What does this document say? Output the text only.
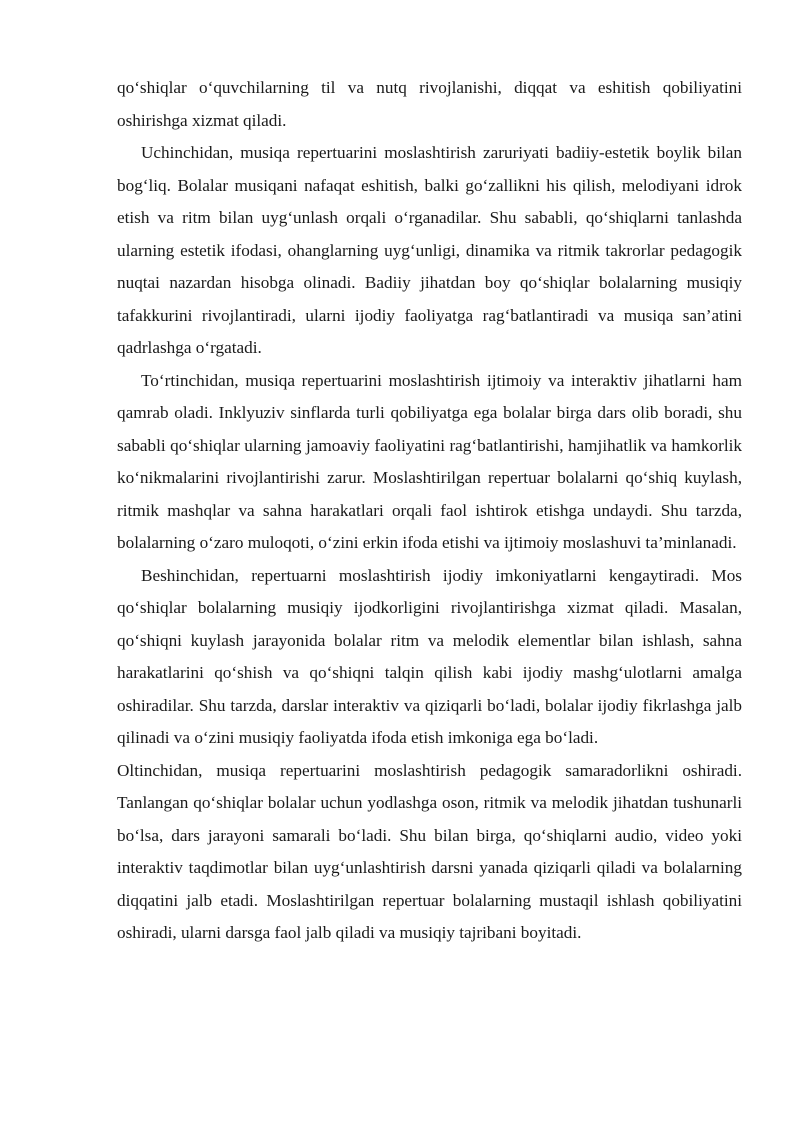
qo‘shiqlar o‘quvchilarning til va nutq rivojlanishi, diqqat va eshitish qobiliyatini oshirishga xizmat qiladi.

Uchinchidan, musiqa repertuarini moslashtirish zaruriyati badiiy-estetik boylik bilan bog‘liq. Bolalar musiqani nafaqat eshitish, balki go‘zallikni his qilish, melodiyani idrok etish va ritm bilan uyg‘unlash orqali o‘rganadilar. Shu sababli, qo‘shiqlarni tanlashda ularning estetik ifodasi, ohanglarning uyg‘unligi, dinamika va ritmik takrorlar pedagogik nuqtai nazardan hisobga olinadi. Badiiy jihatdan boy qo‘shiqlar bolalarning musiqiy tafakkurini rivojlantiradi, ularni ijodiy faoliyatga rag‘batlantiradi va musiqa san’atini qadrlashga o‘rgatadi.

To‘rtinchidan, musiqa repertuarini moslashtirish ijtimoiy va interaktiv jihatlarni ham qamrab oladi. Inklyuziv sinflarda turli qobiliyatga ega bolalar birga dars olib boradi, shu sababli qo‘shiqlar ularning jamoaviy faoliyatini rag‘batlantirishi, hamjihatlik va hamkorlik ko‘nikmalarini rivojlantirishi zarur. Moslashtirilgan repertuar bolalarni qo‘shiq kuylash, ritmik mashqlar va sahna harakatlari orqali faol ishtirok etishga undaydi. Shu tarzda, bolalarning o‘zaro muloqoti, o‘zini erkin ifoda etishi va ijtimoiy moslashuvi ta’minlanadi.

Beshinchidan, repertuarni moslashtirish ijodiy imkoniyatlarni kengaytiradi. Mos qo‘shiqlar bolalarning musiqiy ijodkorligini rivojlantirishga xizmat qiladi. Masalan, qo‘shiqni kuylash jarayonida bolalar ritm va melodik elementlar bilan ishlash, sahna harakatlarini qo‘shish va qo‘shiqni talqin qilish kabi ijodiy mashg‘ulotlarni amalga oshiradilar. Shu tarzda, darslar interaktiv va qiziqarli bo‘ladi, bolalar ijodiy fikrlashga jalb qilinadi va o‘zini musiqiy faoliyatda ifoda etish imkoniga ega bo‘ladi.

Oltinchidan, musiqa repertuarini moslashtirish pedagogik samaradorlikni oshiradi. Tanlangan qo‘shiqlar bolalar uchun yodlashga oson, ritmik va melodik jihatdan tushunarli bo‘lsa, dars jarayoni samarali bo‘ladi. Shu bilan birga, qo‘shiqlarni audio, video yoki interaktiv taqdimotlar bilan uyg‘unlashtirish darsni yanada qiziqarli qiladi va bolalarning diqqatini jalb etadi. Moslashtirilgan repertuar bolalarning mustaqil ishlash qobiliyatini oshiradi, ularni darsga faol jalb qiladi va musiqiy tajribani boyitadi.
